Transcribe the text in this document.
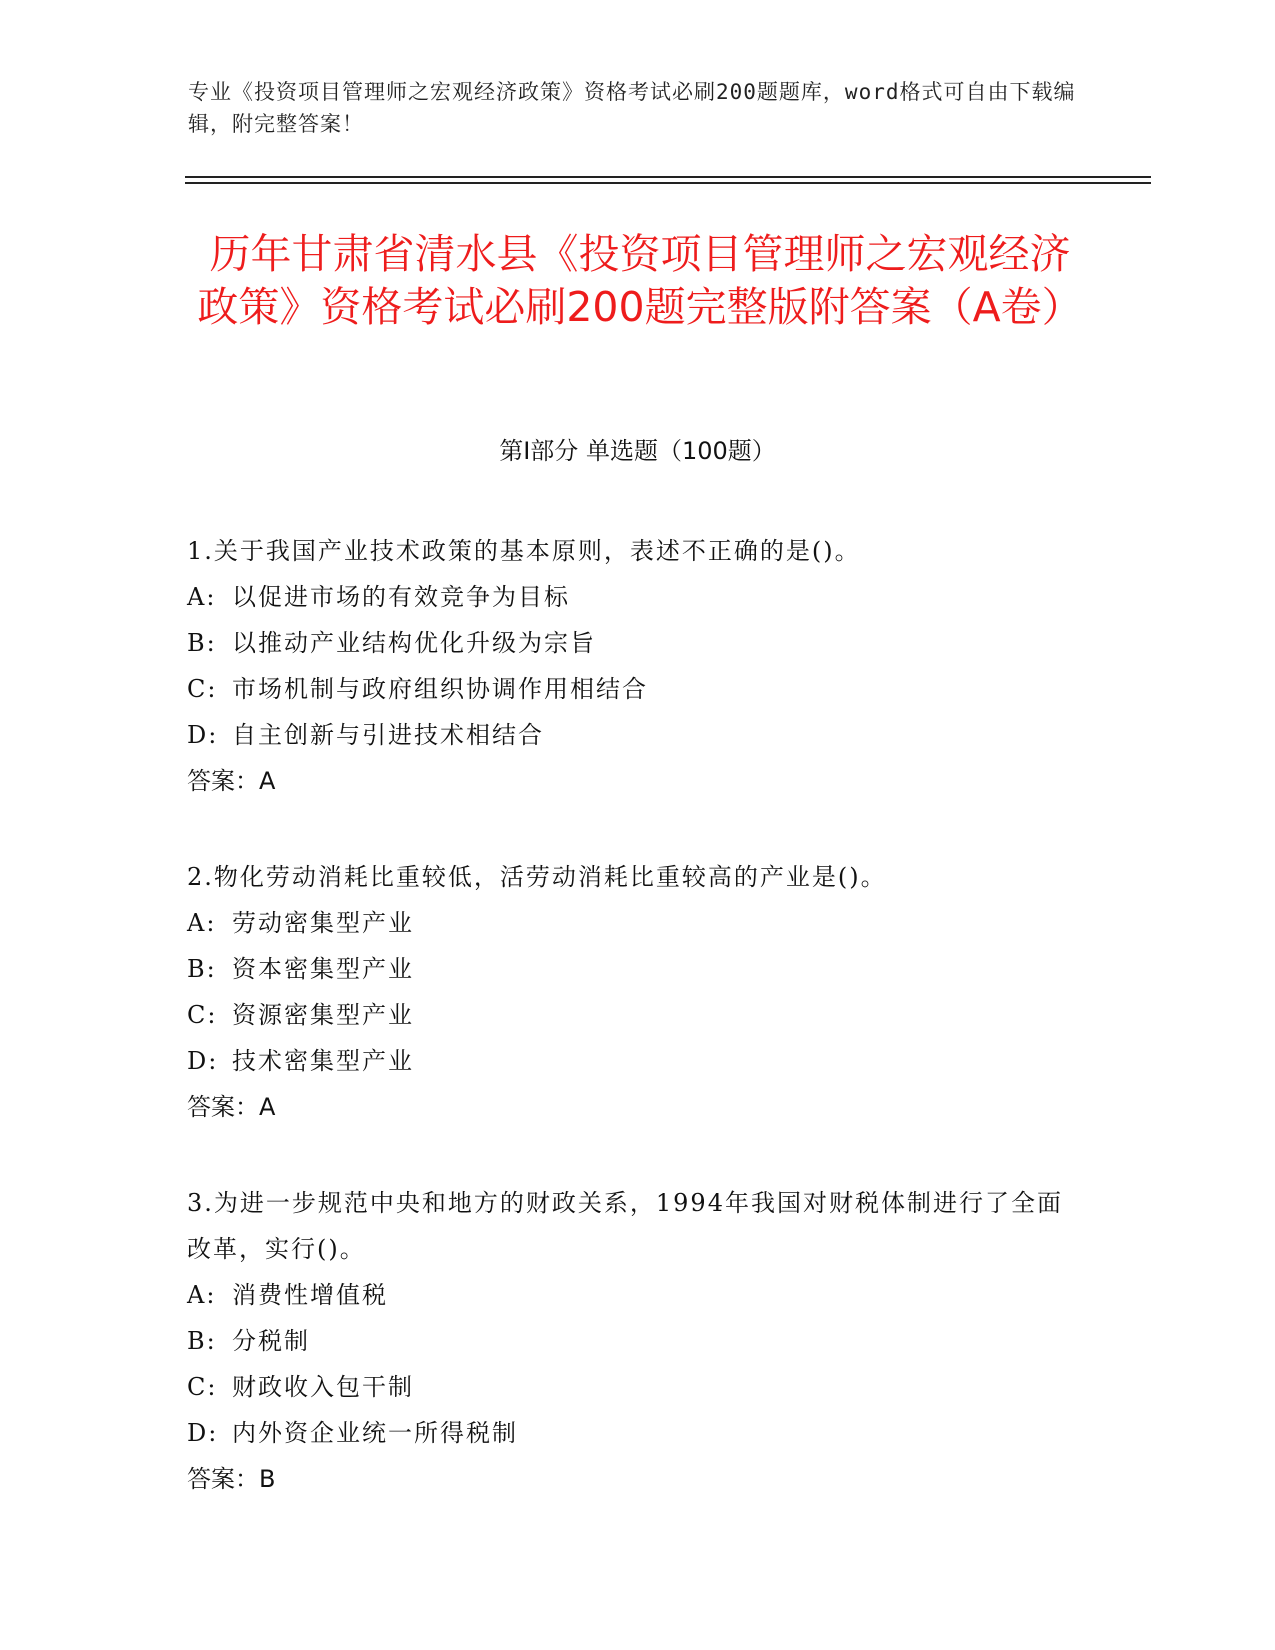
专业《投资项目管理师之宏观经济政策》资格考试必刷200题题库，word格式可自由下载编辑，附完整答案！
历年甘肃省清水县《投资项目管理师之宏观经济政策》资格考试必刷200题完整版附答案（A卷）
第Ⅰ部分 单选题（100题）

1.关于我国产业技术政策的基本原则，表述不正确的是()。

A: 以促进市场的有效竞争为目标

B: 以推动产业结构优化升级为宗旨

C: 市场机制与政府组织协调作用相结合

D: 自主创新与引进技术相结合

答案：A

2.物化劳动消耗比重较低，活劳动消耗比重较高的产业是()。

A: 劳动密集型产业

B: 资本密集型产业

C: 资源密集型产业

D: 技术密集型产业

答案：A

3.为进一步规范中央和地方的财政关系，1994年我国对财税体制进行了全面改革，实行()。

A: 消费性增值税

B: 分税制

C: 财政收入包干制

D: 内外资企业统一所得税制

答案：B
